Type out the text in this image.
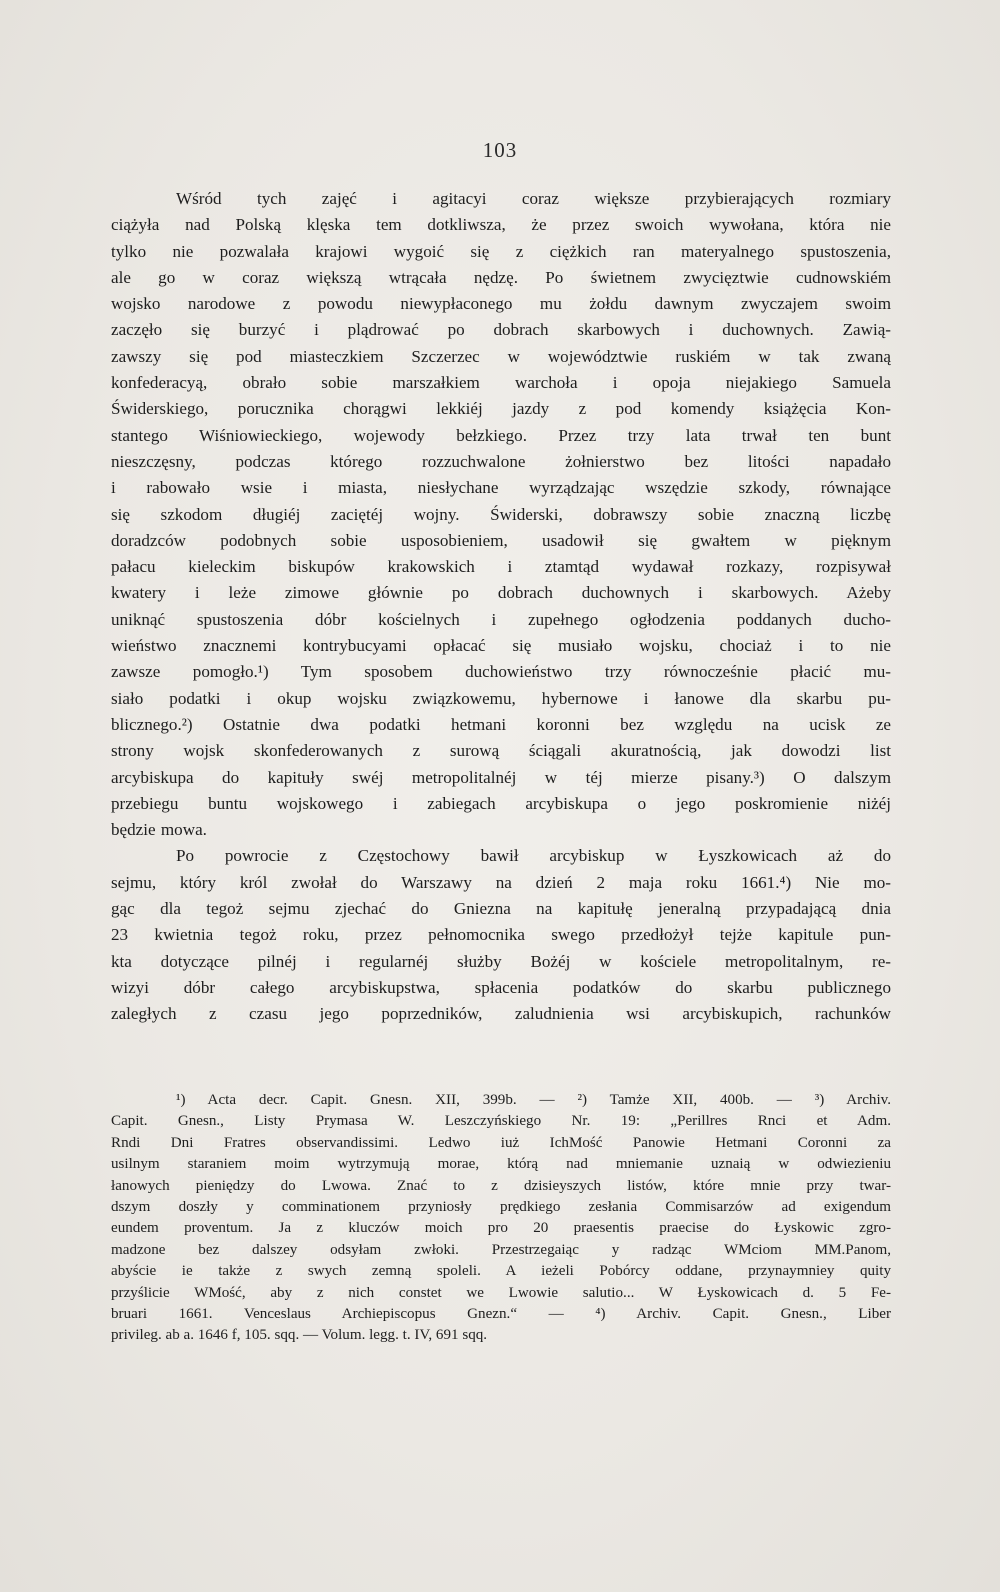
103
Wśród tych zajęć i agitacyi coraz większe przybierających rozmiary
ciążyła nad Polską klęska tem dotkliwsza, że przez swoich wywołana, która nie
tylko nie pozwalała krajowi wygoić się z ciężkich ran materyalnego spustoszenia,
ale go w coraz większą wtrącała nędzę. Po świetnem zwycięztwie cudnowskiém
wojsko narodowe z powodu niewypłaconego mu żołdu dawnym zwyczajem swoim
zaczęło się burzyć i plądrować po dobrach skarbowych i duchownych. Zawią-
zawszy się pod miasteczkiem Szczerzec w województwie ruskiém w tak zwaną
konfederacyą, obrało sobie marszałkiem warchoła i opoja niejakiego Samuela
Świderskiego, porucznika chorągwi lekkiéj jazdy z pod komendy książęcia Kon-
stantego Wiśniowieckiego, wojewody bełzkiego. Przez trzy lata trwał ten bunt
nieszczęsny, podczas którego rozzuchwalone żołnierstwo bez litości napadało
i rabowało wsie i miasta, niesłychane wyrządzając wszędzie szkody, równające
się szkodom długiéj zaciętéj wojny. Świderski, dobrawszy sobie znaczną liczbę
doradzców podobnych sobie usposobieniem, usadowił się gwałtem w pięknym
pałacu kieleckim biskupów krakowskich i ztamtąd wydawał rozkazy, rozpisywał
kwatery i leże zimowe głównie po dobrach duchownych i skarbowych. Ażeby
uniknąć spustoszenia dóbr kościelnych i zupełnego ogłodzenia poddanych ducho-
wieństwo znacznemi kontrybucyami opłacać się musiało wojsku, chociaż i to nie
zawsze pomogło.¹) Tym sposobem duchowieństwo trzy równocześnie płacić mu-
siało podatki i okup wojsku związkowemu, hybernowe i łanowe dla skarbu pu-
blicznego.²) Ostatnie dwa podatki hetmani koronni bez względu na ucisk ze
strony wojsk skonfederowanych z surową ściągali akuratnością, jak dowodzi list
arcybiskupa do kapituły swéj metropolitalnéj w téj mierze pisany.³) O dalszym
przebiegu buntu wojskowego i zabiegach arcybiskupa o jego poskromienie niżéj
będzie mowa.
Po powrocie z Częstochowy bawił arcybiskup w Łyszkowicach aż do
sejmu, który król zwołał do Warszawy na dzień 2 maja roku 1661.⁴) Nie mo-
gąc dla tegoż sejmu zjechać do Gniezna na kapitułę jeneralną przypadającą dnia
23 kwietnia tegoż roku, przez pełnomocnika swego przedłożył tejże kapitule pun-
kta dotyczące pilnéj i regularnéj służby Bożéj w kościele metropolitalnym, re-
wizyi dóbr całego arcybiskupstwa, spłacenia podatków do skarbu publicznego
zaległych z czasu jego poprzedników, zaludnienia wsi arcybiskupich, rachunków
¹) Acta decr. Capit. Gnesn. XII, 399b. — ²) Tamże XII, 400b. — ³) Archiv.
Capit. Gnesn., Listy Prymasa W. Leszczyńskiego Nr. 19: „Perillres Rnci et Adm.
Rndi Dni Fratres observandissimi. Ledwo iuż IchMość Panowie Hetmani Coronni za
usilnym staraniem moim wytrzymują morae, którą nad mniemanie uznaią w odwiezieniu
łanowych pieniędzy do Lwowa. Znać to z dzisieyszych listów, które mnie przy twar-
dszym doszły y comminationem przyniosły prędkiego zesłania Commisarzów ad exigendum
eundem proventum. Ja z kluczów moich pro 20 praesentis praecise do Łyskowic zgro-
madzone bez dalszey odsyłam zwłoki. Przestrzegaiąc y radząc WMciom MM.Panom,
abyście ie także z swych zemną spoleli. A ieżeli Pobórcy oddane, przynaymniey quity
przyślicie WMość, aby z nich constet we Lwowie salutio... W Łyskowicach d. 5 Fe-
bruari 1661. Venceslaus Archiepiscopus Gnezn.“ — ⁴) Archiv. Capit. Gnesn., Liber
privileg. ab a. 1646 f, 105. sqq. — Volum. legg. t. IV, 691 sqq.
